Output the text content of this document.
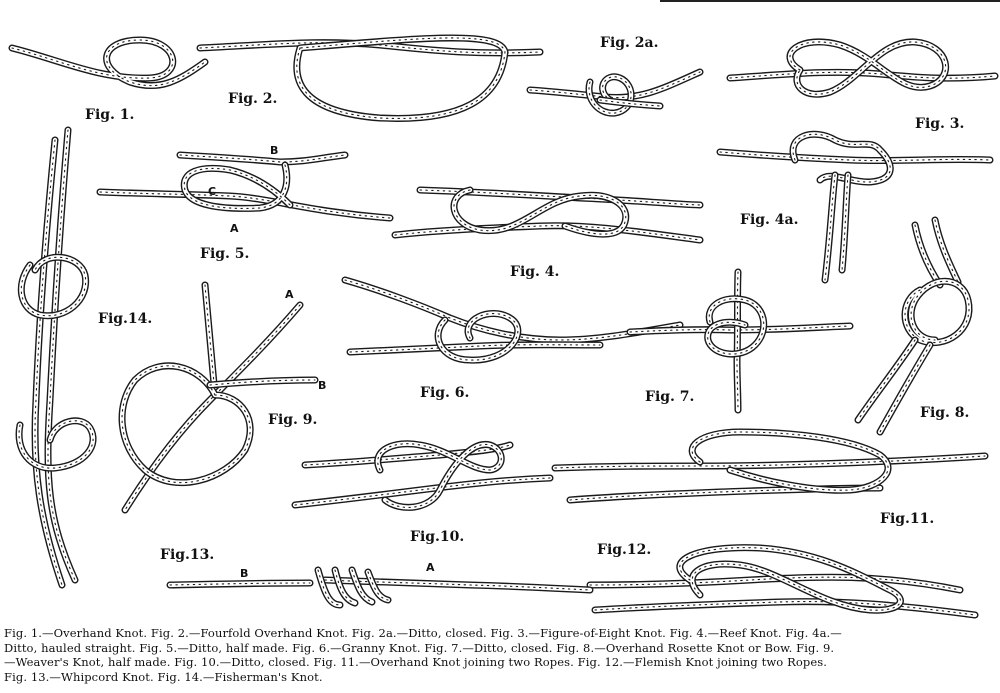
Fig. 1.
Fig. 2.
Fig. 2a.
Fig. 3.
Fig. 4.
Fig. 4a.
Fig. 5.
Fig. 6.	Fig. 7.
Fig. 8.
Fig. 9.
Fig.10.
Fig.11.
Fig.12.
Fig.13.
Fig.14.
B
C
A
A
B
B	A
Fig. 1.—Overhand Knot. Fig. 2.—Fourfold Overhand Knot. Fig. 2a.—Ditto, closed. Fig. 3.—Figure-of-Eight Knot. Fig. 4.—Reef Knot. Fig. 4a.—
Ditto, hauled straight. Fig. 5.—Ditto, half made. Fig. 6.—Granny Knot. Fig. 7.—Ditto, closed. Fig. 8.—Overhand Rosette Knot or Bow. Fig. 9.
—Weaver's Knot, half made. Fig. 10.—Ditto, closed. Fig. 11.—Overhand Knot joining two Ropes. Fig. 12.—Flemish Knot joining two Ropes.
Fig. 13.—Whipcord Knot. Fig. 14.—Fisherman's Knot.
